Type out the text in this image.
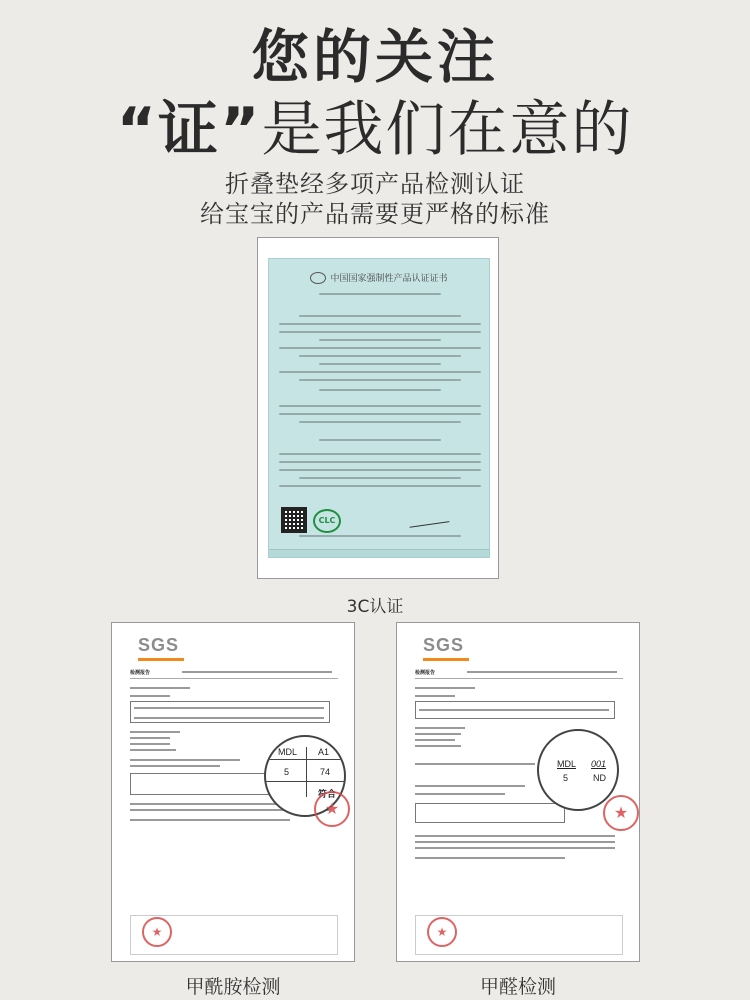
您的关注
“证”是我们在意的
折叠垫经多项产品检测认证
给宝宝的产品需要更严格的标准
中国国家强制性产品认证证书
CLC
3C认证
SGS
检测报告
MDL A1
5	74
符合
★
★
甲酰胺检测
SGS
检测报告
MDL 001
5	ND
★
★
甲醛检测
